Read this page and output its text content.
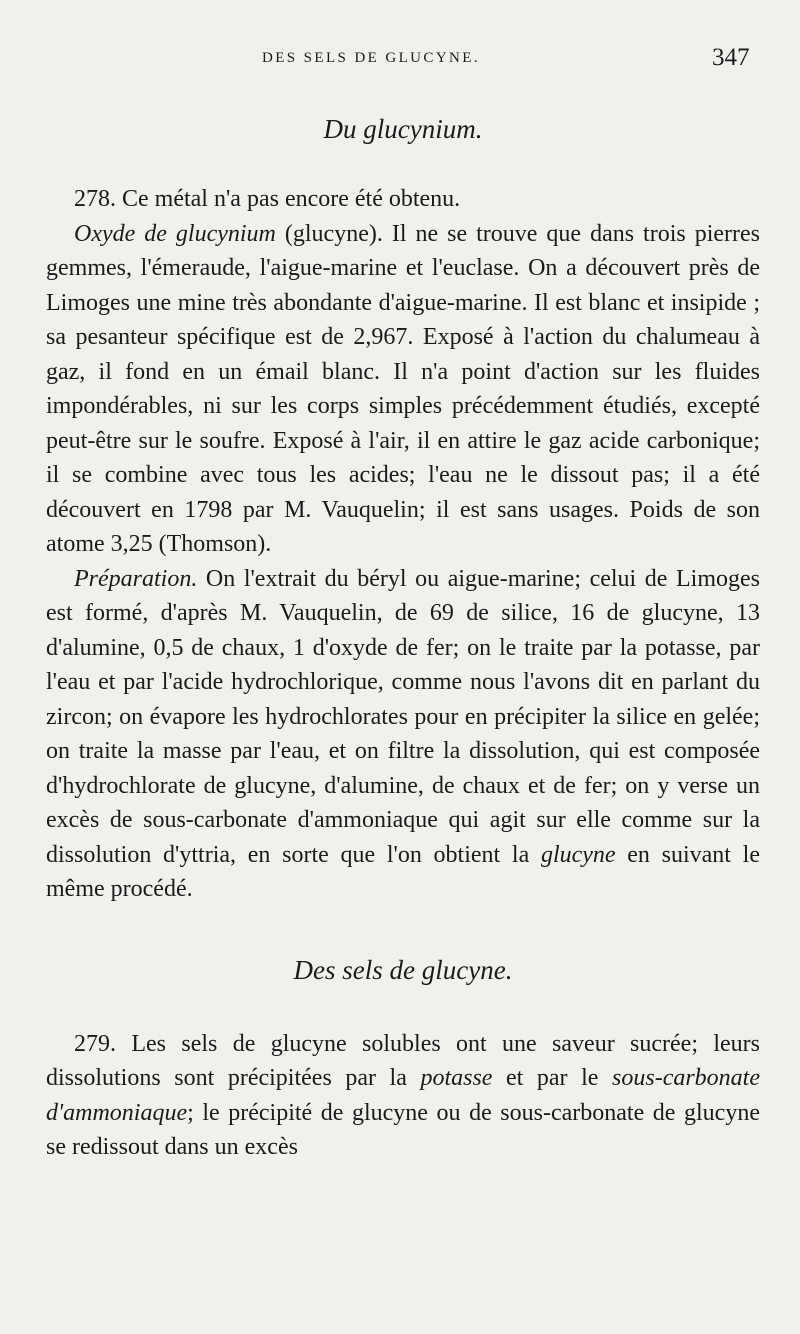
DES SELS DE GLUCYNE.	347
Du glucynium.

278. Ce métal n'a pas encore été obtenu.

Oxyde de glucynium (glucyne). Il ne se trouve que dans trois pierres gemmes, l'émeraude, l'aigue-marine et l'euclase. On a découvert près de Limoges une mine très abondante d'aigue-marine. Il est blanc et insipide ; sa pesanteur spécifique est de 2,967. Exposé à l'action du chalumeau à gaz, il fond en un émail blanc. Il n'a point d'action sur les fluides impondérables, ni sur les corps simples précédemment étudiés, excepté peut-être sur le soufre. Exposé à l'air, il en attire le gaz acide carbonique; il se combine avec tous les acides; l'eau ne le dissout pas; il a été découvert en 1798 par M. Vauquelin; il est sans usages. Poids de son atome 3,25 (Thomson).

Préparation. On l'extrait du béryl ou aigue-marine; celui de Limoges est formé, d'après M. Vauquelin, de 69 de silice, 16 de glucyne, 13 d'alumine, 0,5 de chaux, 1 d'oxyde de fer; on le traite par la potasse, par l'eau et par l'acide hydrochlorique, comme nous l'avons dit en parlant du zircon; on évapore les hydrochlorates pour en précipiter la silice en gelée; on traite la masse par l'eau, et on filtre la dissolution, qui est composée d'hydrochlorate de glucyne, d'alumine, de chaux et de fer; on y verse un excès de sous-carbonate d'ammoniaque qui agit sur elle comme sur la dissolution d'yttria, en sorte que l'on obtient la glucyne en suivant le même procédé.

Des sels de glucyne.

279. Les sels de glucyne solubles ont une saveur sucrée; leurs dissolutions sont précipitées par la potasse et par le sous-carbonate d'ammoniaque; le précipité de glucyne ou de sous-carbonate de glucyne se redissout dans un excès
